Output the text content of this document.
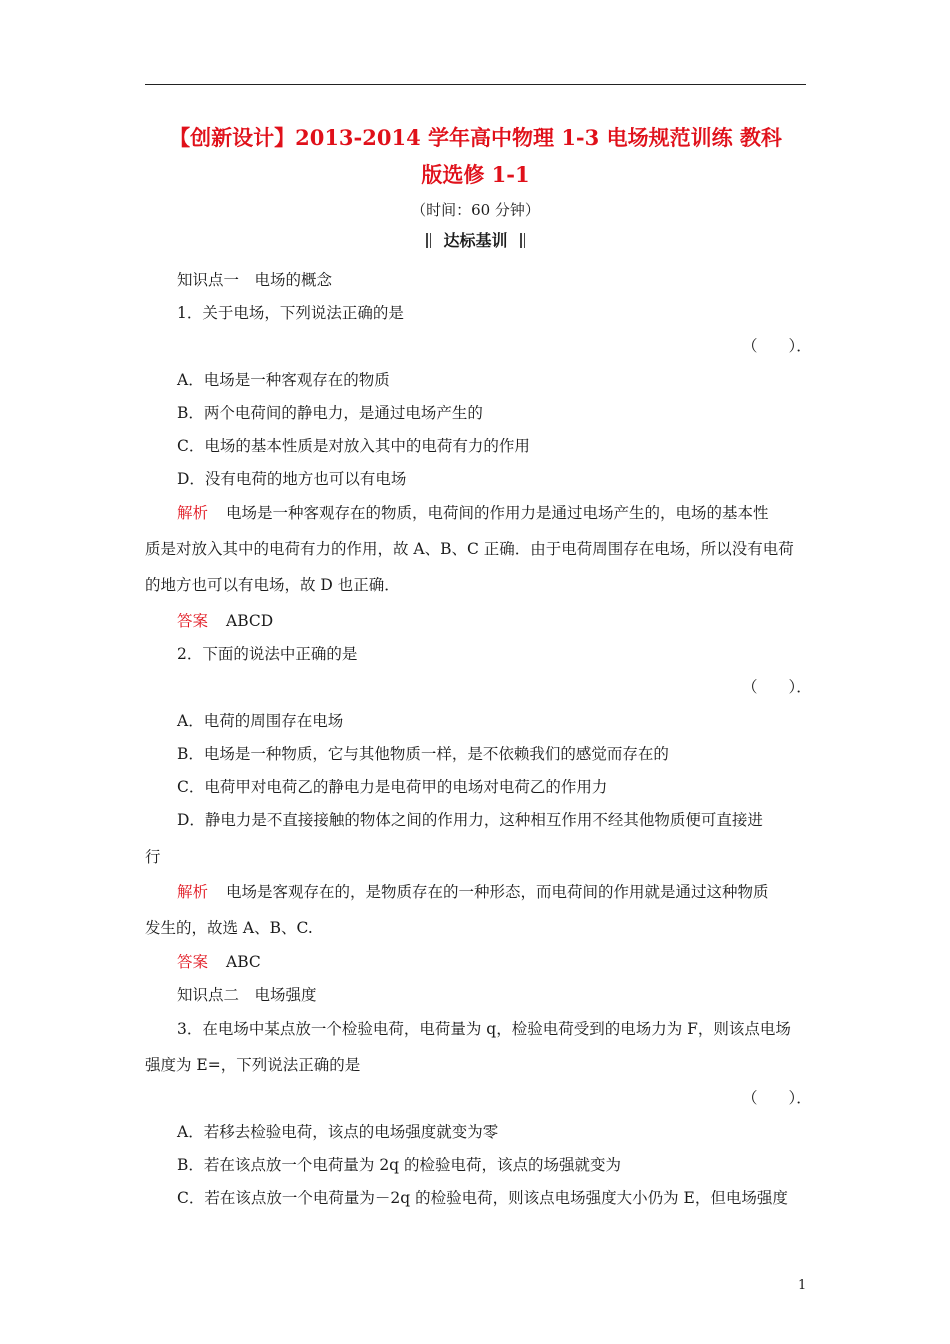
【创新设计】2013-2014 学年高中物理 1-3 电场规范训练 教科
版选修 1-1
（时间：60 分钟）
达标基训
知识点一　电场的概念
1．关于电场，下列说法正确的是
（　　）．
A．电场是一种客观存在的物质
B．两个电荷间的静电力，是通过电场产生的
C．电场的基本性质是对放入其中的电荷有力的作用
D．没有电荷的地方也可以有电场
解析 电场是一种客观存在的物质，电荷间的作用力是通过电场产生的，电场的基本性
质是对放入其中的电荷有力的作用，故 A、B、C 正确．由于电荷周围存在电场，所以没有电荷
的地方也可以有电场，故 D 也正确．
答案 ABCD
2．下面的说法中正确的是
（　　）．
A．电荷的周围存在电场
B．电场是一种物质，它与其他物质一样，是不依赖我们的感觉而存在的
C．电荷甲对电荷乙的静电力是电荷甲的电场对电荷乙的作用力
D．静电力是不直接接触的物体之间的作用力，这种相互作用不经其他物质便可直接进
行
解析 电场是客观存在的，是物质存在的一种形态，而电荷间的作用就是通过这种物质
发生的，故选 A、B、C.
答案 ABC
知识点二　电场强度
3．在电场中某点放一个检验电荷，电荷量为 q，检验电荷受到的电场力为 F，则该点电场
强度为 E=，下列说法正确的是
（　　）．
A．若移去检验电荷，该点的电场强度就变为零
B．若在该点放一个电荷量为 2q 的检验电荷，该点的场强就变为
C．若在该点放一个电荷量为－2q 的检验电荷，则该点电场强度大小仍为 E，但电场强度
1
